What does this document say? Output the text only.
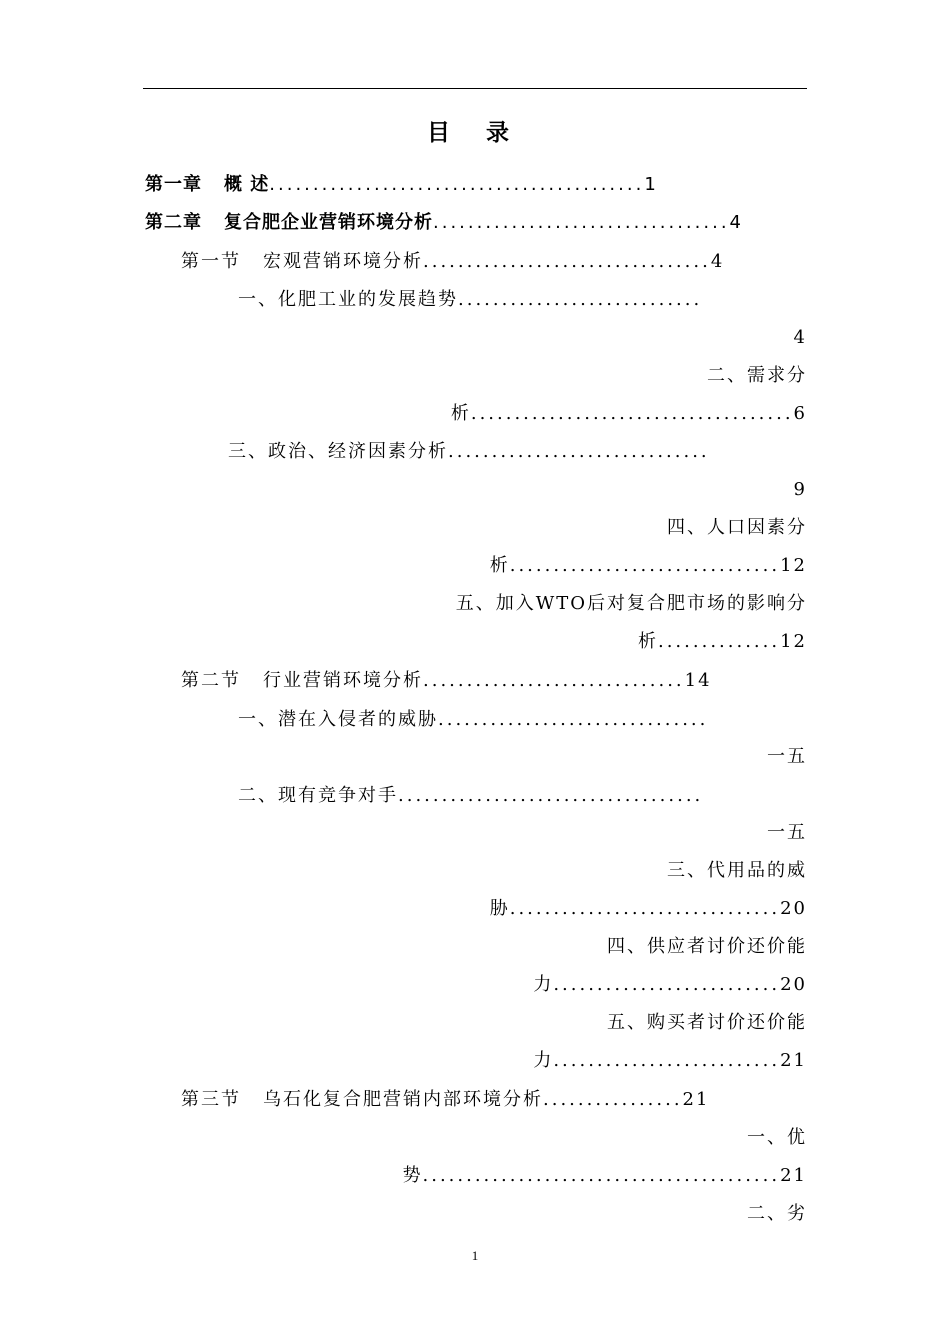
目 录
第一章 概 述...........................................1
第二章 复合肥企业营销环境分析..................................4
第一节 宏观营销环境分析.................................4
一、化肥工业的发展趋势............................
4
二、需求分
析.....................................6
三、政治、经济因素分析..............................
9
四、人口因素分
析...............................12
五、加入WTO后对复合肥市场的影响分
析..............12
第二节 行业营销环境分析..............................14
一、潜在入侵者的威胁...............................
一五
二、现有竞争对手...................................
一五
三、代用品的威
胁...............................20
四、供应者讨价还价能
力..........................20
五、购买者讨价还价能
力..........................21
第三节 乌石化复合肥营销内部环境分析................21
一、优
势.........................................21
二、劣
1
